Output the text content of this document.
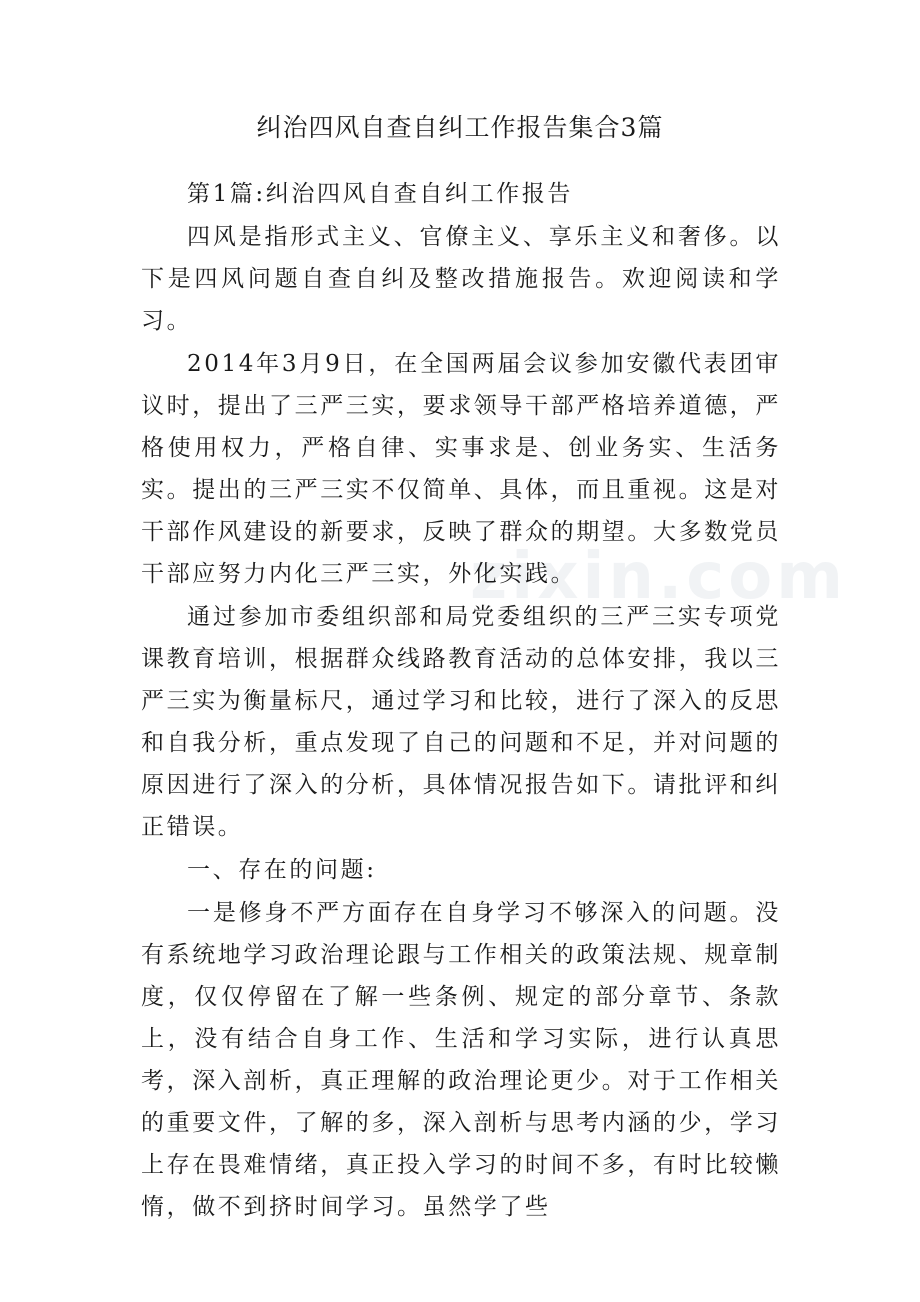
zixin.com
纠治四风自查自纠工作报告集合3篇

第1篇:纠治四风自查自纠工作报告

四风是指形式主义、官僚主义、享乐主义和奢侈。以下是四风问题自查自纠及整改措施报告。欢迎阅读和学习。

2014年3月9日，在全国两届会议参加安徽代表团审议时，提出了三严三实，要求领导干部严格培养道德，严格使用权力，严格自律、实事求是、创业务实、生活务实。提出的三严三实不仅简单、具体，而且重视。这是对干部作风建设的新要求，反映了群众的期望。大多数党员干部应努力内化三严三实，外化实践。

通过参加市委组织部和局党委组织的三严三实专项党课教育培训，根据群众线路教育活动的总体安排，我以三严三实为衡量标尺，通过学习和比较，进行了深入的反思和自我分析，重点发现了自己的问题和不足，并对问题的原因进行了深入的分析，具体情况报告如下。请批评和纠正错误。

一、存在的问题:

一是修身不严方面存在自身学习不够深入的问题。没有系统地学习政治理论跟与工作相关的政策法规、规章制度，仅仅停留在了解一些条例、规定的部分章节、条款上，没有结合自身工作、生活和学习实际，进行认真思考，深入剖析，真正理解的政治理论更少。对于工作相关的重要文件，了解的多，深入剖析与思考内涵的少，学习上存在畏难情绪，真正投入学习的时间不多，有时比较懒惰，做不到挤时间学习。虽然学了些
